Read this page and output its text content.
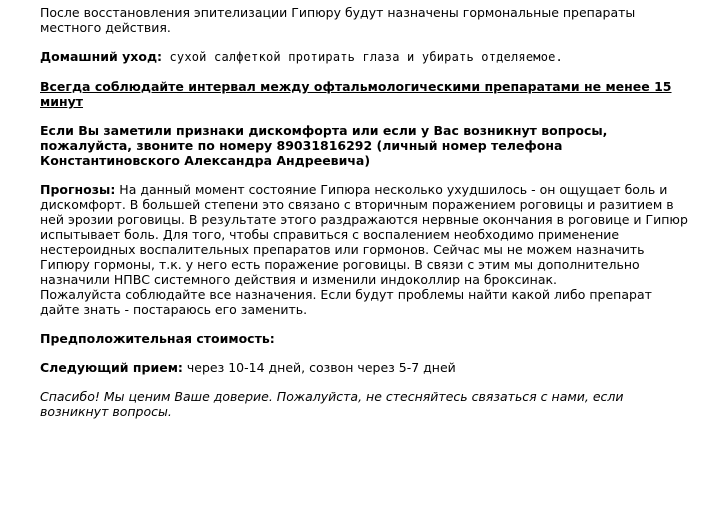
После восстановления эпителизации Гипюру будут назначены гормональные препараты местного действия.

Домашний уход: сухой салфеткой протирать глаза и убирать отделяемое.

Всегда соблюдайте интервал между офтальмологическими препаратами не менее 15 минут

Если Вы заметили признаки дискомфорта или если у Вас возникнут вопросы, пожалуйста, звоните по номеру 89031816292 (личный номер телефона Константиновского Александра Андреевича)

Прогнозы: На данный момент состояние Гипюра несколько ухудшилось - он ощущает боль и дискомфорт. В большей степени это связано с вторичным поражением роговицы и разитием в ней эрозии роговицы. В результате этого раздражаются нервные окончания в роговице и Гипюр испытывает боль. Для того, чтобы справиться с воспалением необходимо применение нестероидных воспалительных препаратов или гормонов. Сейчас мы не можем назначить Гипюру гормоны, т.к. у него есть поражение роговицы. В связи с этим мы дополнительно назначили НПВС системного действия и изменили индоколлир на броксинак.

Пожалуйста соблюдайте все назначения. Если будут проблемы найти какой либо препарат дайте знать - постараюсь его заменить.

Предположительная стоимость:

Следующий прием: через 10-14 дней, созвон через 5-7 дней

Спасибо! Мы ценим Ваше доверие. Пожалуйста, не стесняйтесь связаться с нами, если возникнут вопросы.
